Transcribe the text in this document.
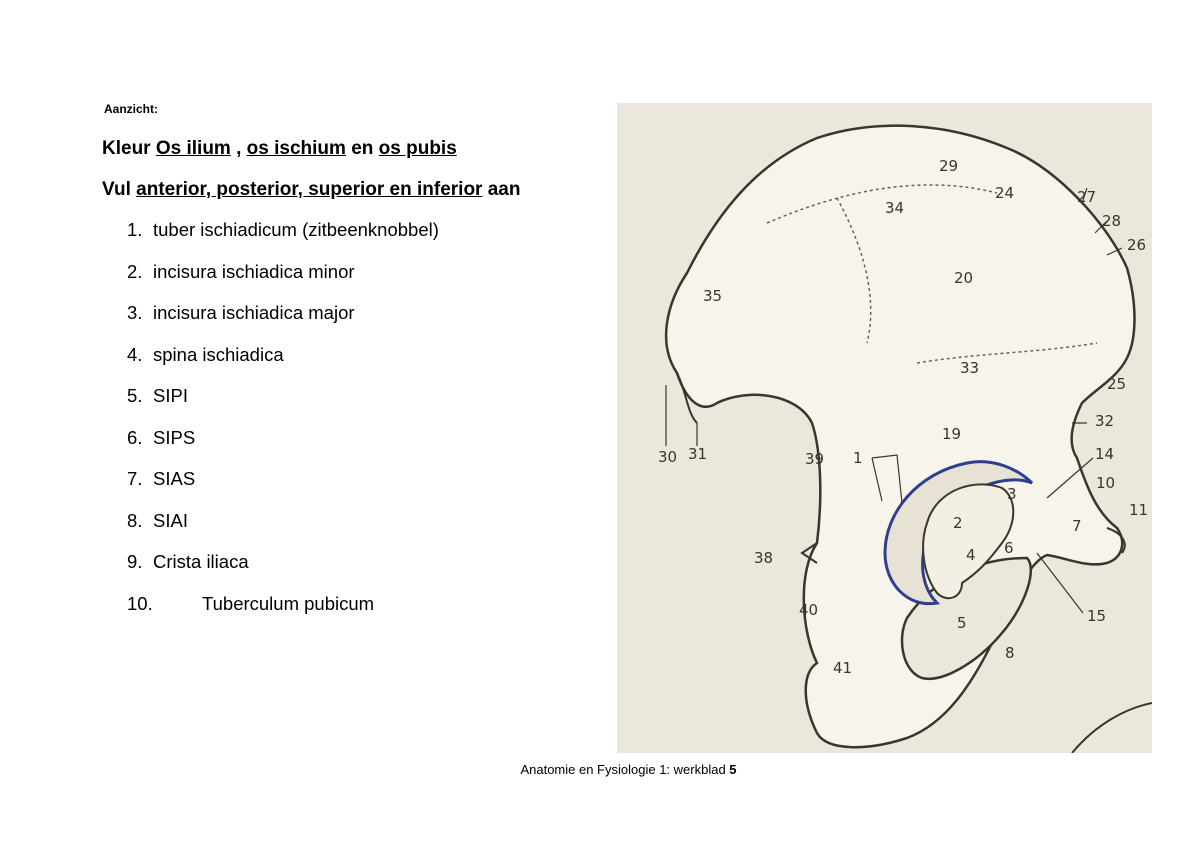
Aanzicht:
Kleur Os ilium , os ischium en os pubis
Vul anterior, posterior, superior en inferior aan
1. tuber ischiadicum (zitbeenknobbel)
2. incisura ischiadica minor
3. incisura ischiadica major
4. spina ischiadica
5. SIPI
6. SIPS
7. SIAS
8. SIAI
9. Crista iliaca
10.	Tuberculum pubicum
29
24	27
28
26
34
20
35
33
25
32
30 31	39 1
19
14
10
11
3
2	7
38	4 6
15
40
5
8
41
Anatomie en Fysiologie 1: werkblad 5
